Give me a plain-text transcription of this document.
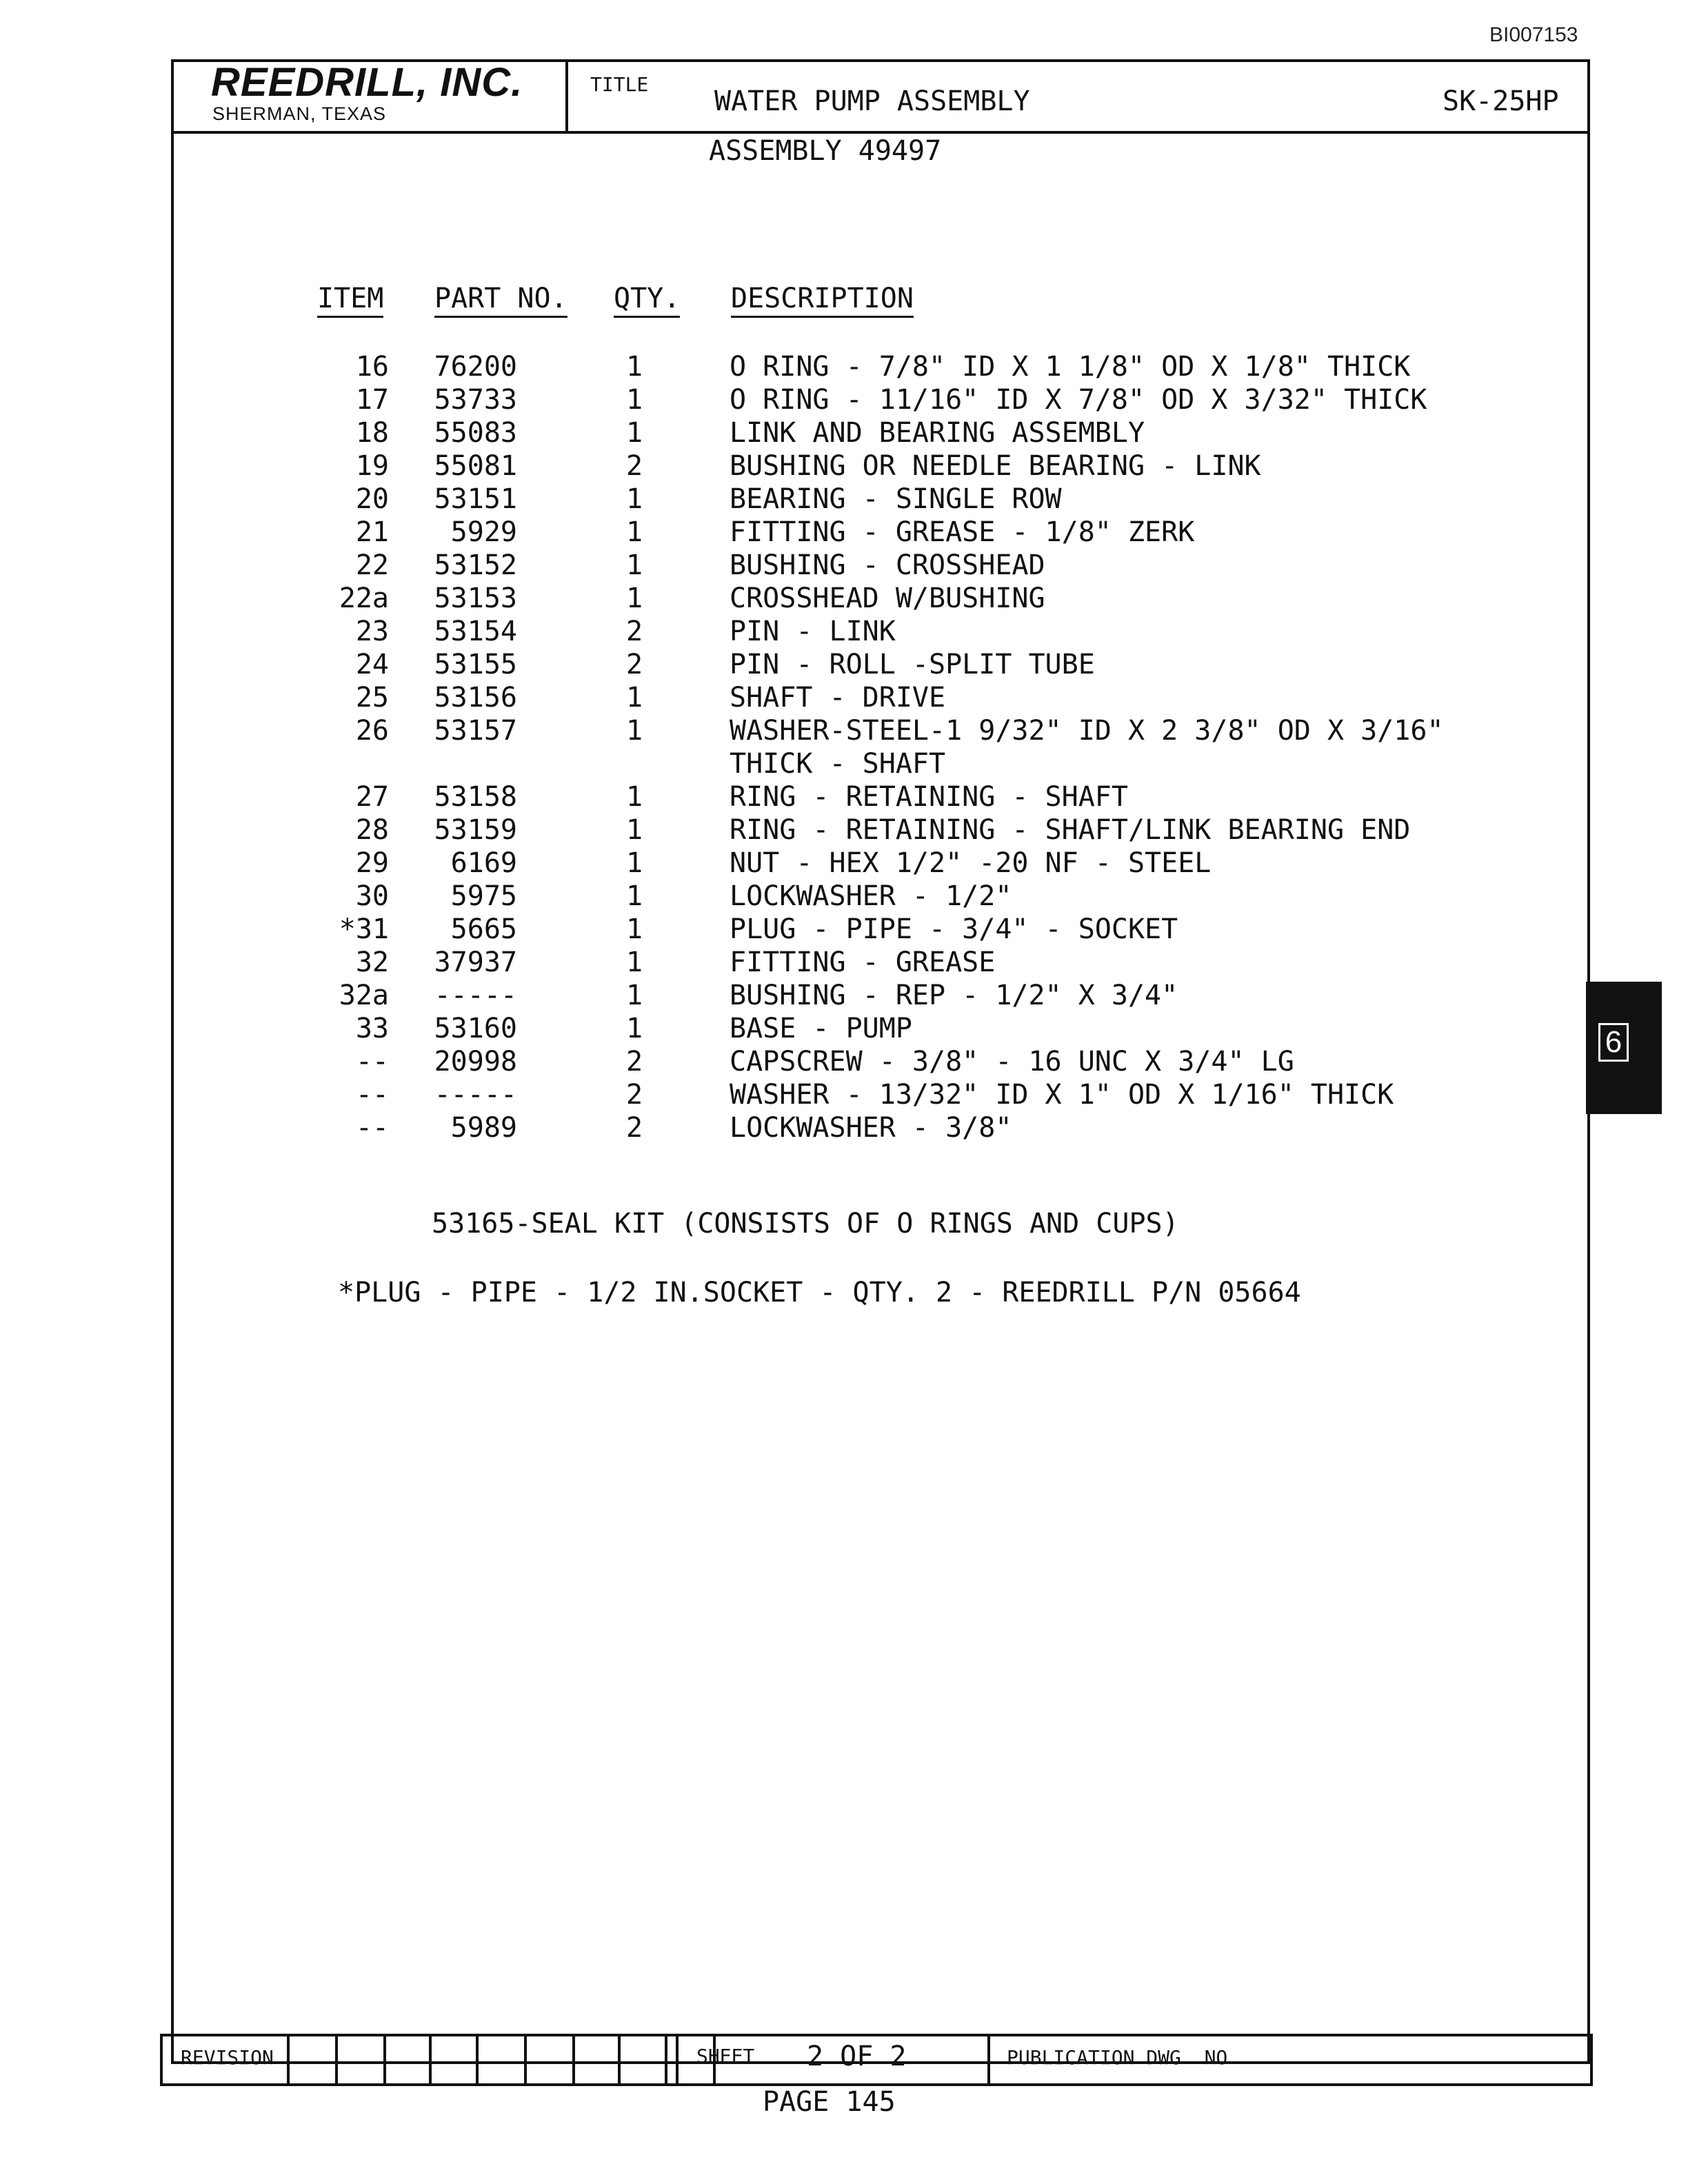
BI007153
REEDRILL, INC.
SHERMAN, TEXAS
TITLE
WATER PUMP ASSEMBLY	SK-25HP
ASSEMBLY 49497
ITEM PART NO. QTY. DESCRIPTION
16	76200	1	O RING - 7/8" ID X 1 1/8" OD X 1/8" THICK
17	53733	1	O RING - 11/16" ID X 7/8" OD X 3/32" THICK
18	55083	1	LINK AND BEARING ASSEMBLY
19	55081	2	BUSHING OR NEEDLE BEARING - LINK
20	53151	1	BEARING - SINGLE ROW
21	5929	1	FITTING - GREASE - 1/8" ZERK
22	53152	1	BUSHING - CROSSHEAD
22a	53153	1	CROSSHEAD W/BUSHING
23	53154	2	PIN - LINK
24	53155	2	PIN - ROLL -SPLIT TUBE
25	53156	1	SHAFT - DRIVE
26	53157	1	WASHER-STEEL-1 9/32" ID X 2 3/8" OD X 3/16"
THICK - SHAFT
27	53158	1	RING - RETAINING - SHAFT
28	53159	1	RING - RETAINING - SHAFT/LINK BEARING END
29	6169	1	NUT - HEX 1/2" -20 NF - STEEL
30	5975	1	LOCKWASHER - 1/2"
*31	5665	1	PLUG - PIPE - 3/4" - SOCKET
32	37937	1	FITTING - GREASE
32a	-----	1	BUSHING - REP - 1/2" X 3/4"
33	53160	1	BASE - PUMP
--	20998	2	CAPSCREW - 3/8" - 16 UNC X 3/4" LG
--	-----	2	WASHER - 13/32" ID X 1" OD X 1/16" THICK
--	5989	2	LOCKWASHER - 3/8"
53165-SEAL KIT (CONSISTS OF O RINGS AND CUPS)
*PLUG - PIPE - 1/2 IN.SOCKET - QTY. 2 - REEDRILL P/N 05664
6
REVISION	SHEET 2 OF 2	PUBLICATION DWG. NO.
PAGE 145
